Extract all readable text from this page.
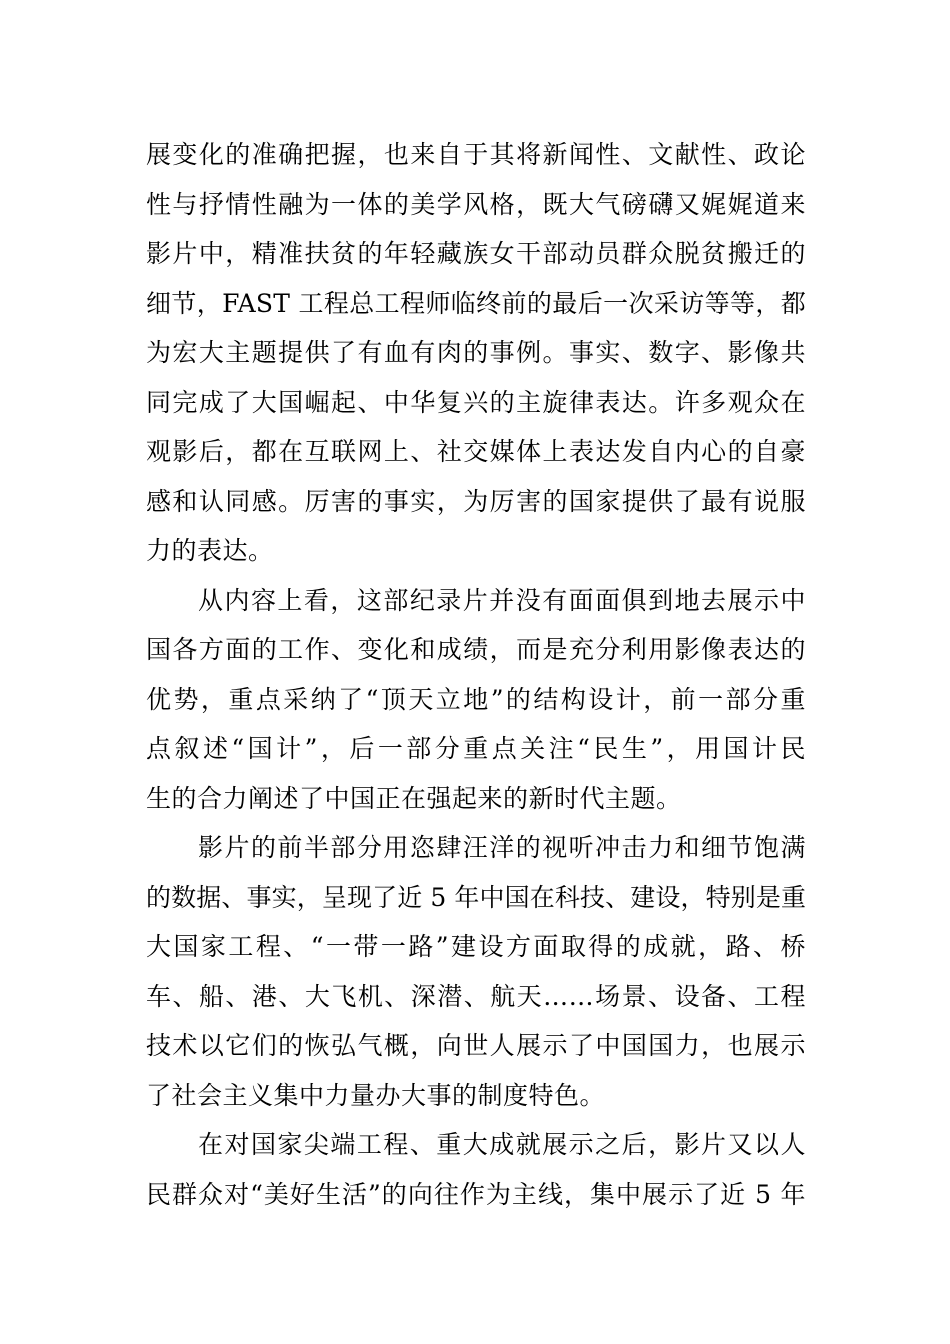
展变化的准确把握，也来自于其将新闻性、文献性、政论
性与抒情性融为一体的美学风格，既大气磅礴又娓娓道来
影片中，精准扶贫的年轻藏族女干部动员群众脱贫搬迁的
细节，FAST 工程总工程师临终前的最后一次采访等等，都
为宏大主题提供了有血有肉的事例。事实、数字、影像共
同完成了大国崛起、中华复兴的主旋律表达。许多观众在
观影后，都在互联网上、社交媒体上表达发自内心的自豪
感和认同感。厉害的事实，为厉害的国家提供了最有说服
力的表达。
从内容上看，这部纪录片并没有面面俱到地去展示中
国各方面的工作、变化和成绩，而是充分利用影像表达的
优势，重点采纳了“顶天立地”的结构设计，前一部分重
点叙述“国计”，后一部分重点关注“民生”，用国计民
生的合力阐述了中国正在强起来的新时代主题。
影片的前半部分用恣肆汪洋的视听冲击力和细节饱满
的数据、事实，呈现了近 5 年中国在科技、建设，特别是重
大国家工程、“一带一路”建设方面取得的成就，路、桥
车、船、港、大飞机、深潜、航天……场景、设备、工程
技术以它们的恢弘气概，向世人展示了中国国力，也展示
了社会主义集中力量办大事的制度特色。
在对国家尖端工程、重大成就展示之后，影片又以人
民群众对“美好生活”的向往作为主线，集中展示了近 5 年
